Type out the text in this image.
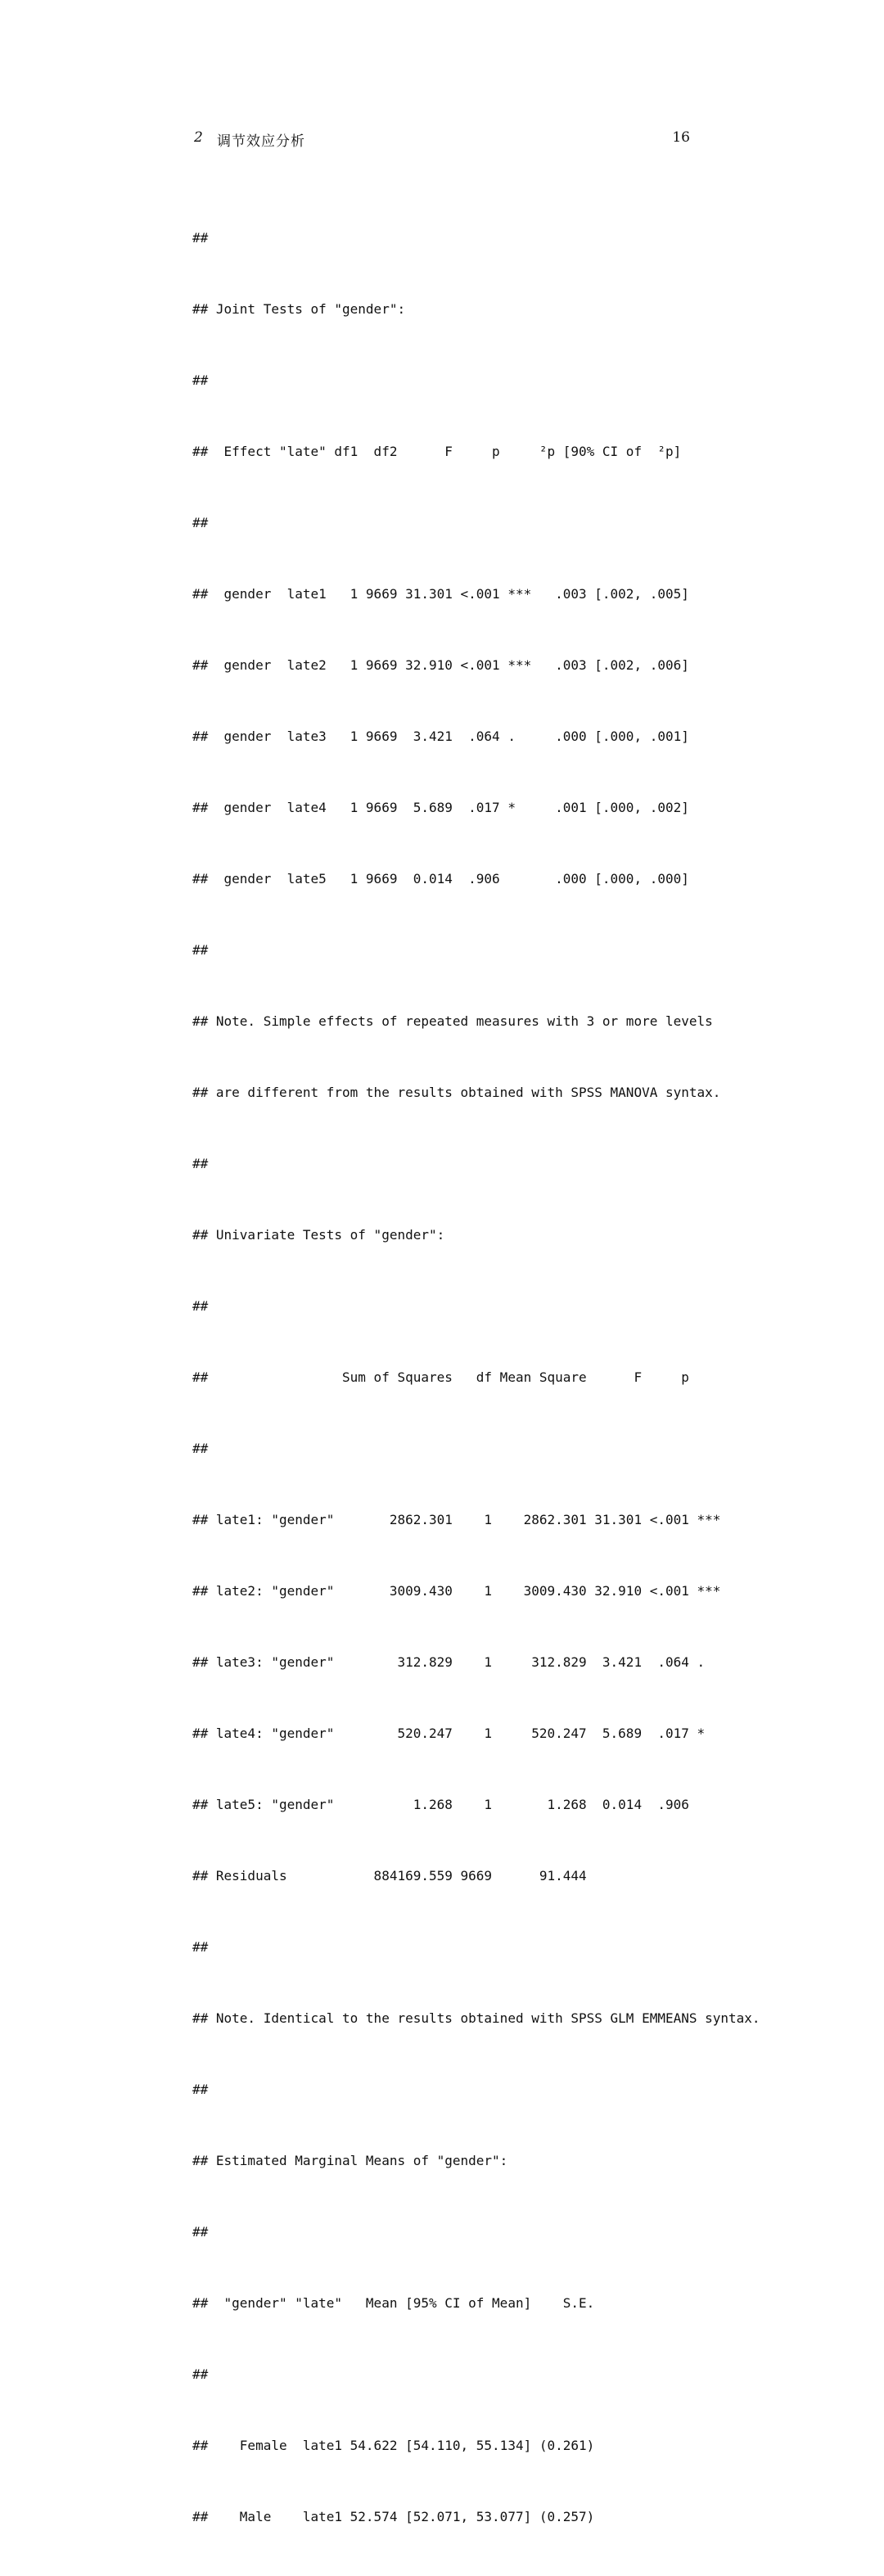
2 调节效应分析	16

##

## Joint Tests of "gender":

##

##  Effect "late" df1  df2      F     p     ²p [90% CI of  ²p]

##

##  gender  late1   1 9669 31.301 <.001 ***   .003 [.002, .005]

##  gender  late2   1 9669 32.910 <.001 ***   .003 [.002, .006]

##  gender  late3   1 9669  3.421  .064 .     .000 [.000, .001]

##  gender  late4   1 9669  5.689  .017 *     .001 [.000, .002]

##  gender  late5   1 9669  0.014  .906       .000 [.000, .000]

##

## Note. Simple effects of repeated measures with 3 or more levels

## are different from the results obtained with SPSS MANOVA syntax.

##

## Univariate Tests of "gender":

##

##                 Sum of Squares   df Mean Square      F     p

##

## late1: "gender"       2862.301    1    2862.301 31.301 <.001 ***

## late2: "gender"       3009.430    1    3009.430 32.910 <.001 ***

## late3: "gender"        312.829    1     312.829  3.421  .064 .

## late4: "gender"        520.247    1     520.247  5.689  .017 *

## late5: "gender"          1.268    1       1.268  0.014  .906

## Residuals           884169.559 9669      91.444

##

## Note. Identical to the results obtained with SPSS GLM EMMEANS syntax.

##

## Estimated Marginal Means of "gender":

##

##  "gender" "late"   Mean [95% CI of Mean]    S.E.

##

##    Female  late1 54.622 [54.110, 55.134] (0.261)

##    Male    late1 52.574 [52.071, 53.077] (0.257)
